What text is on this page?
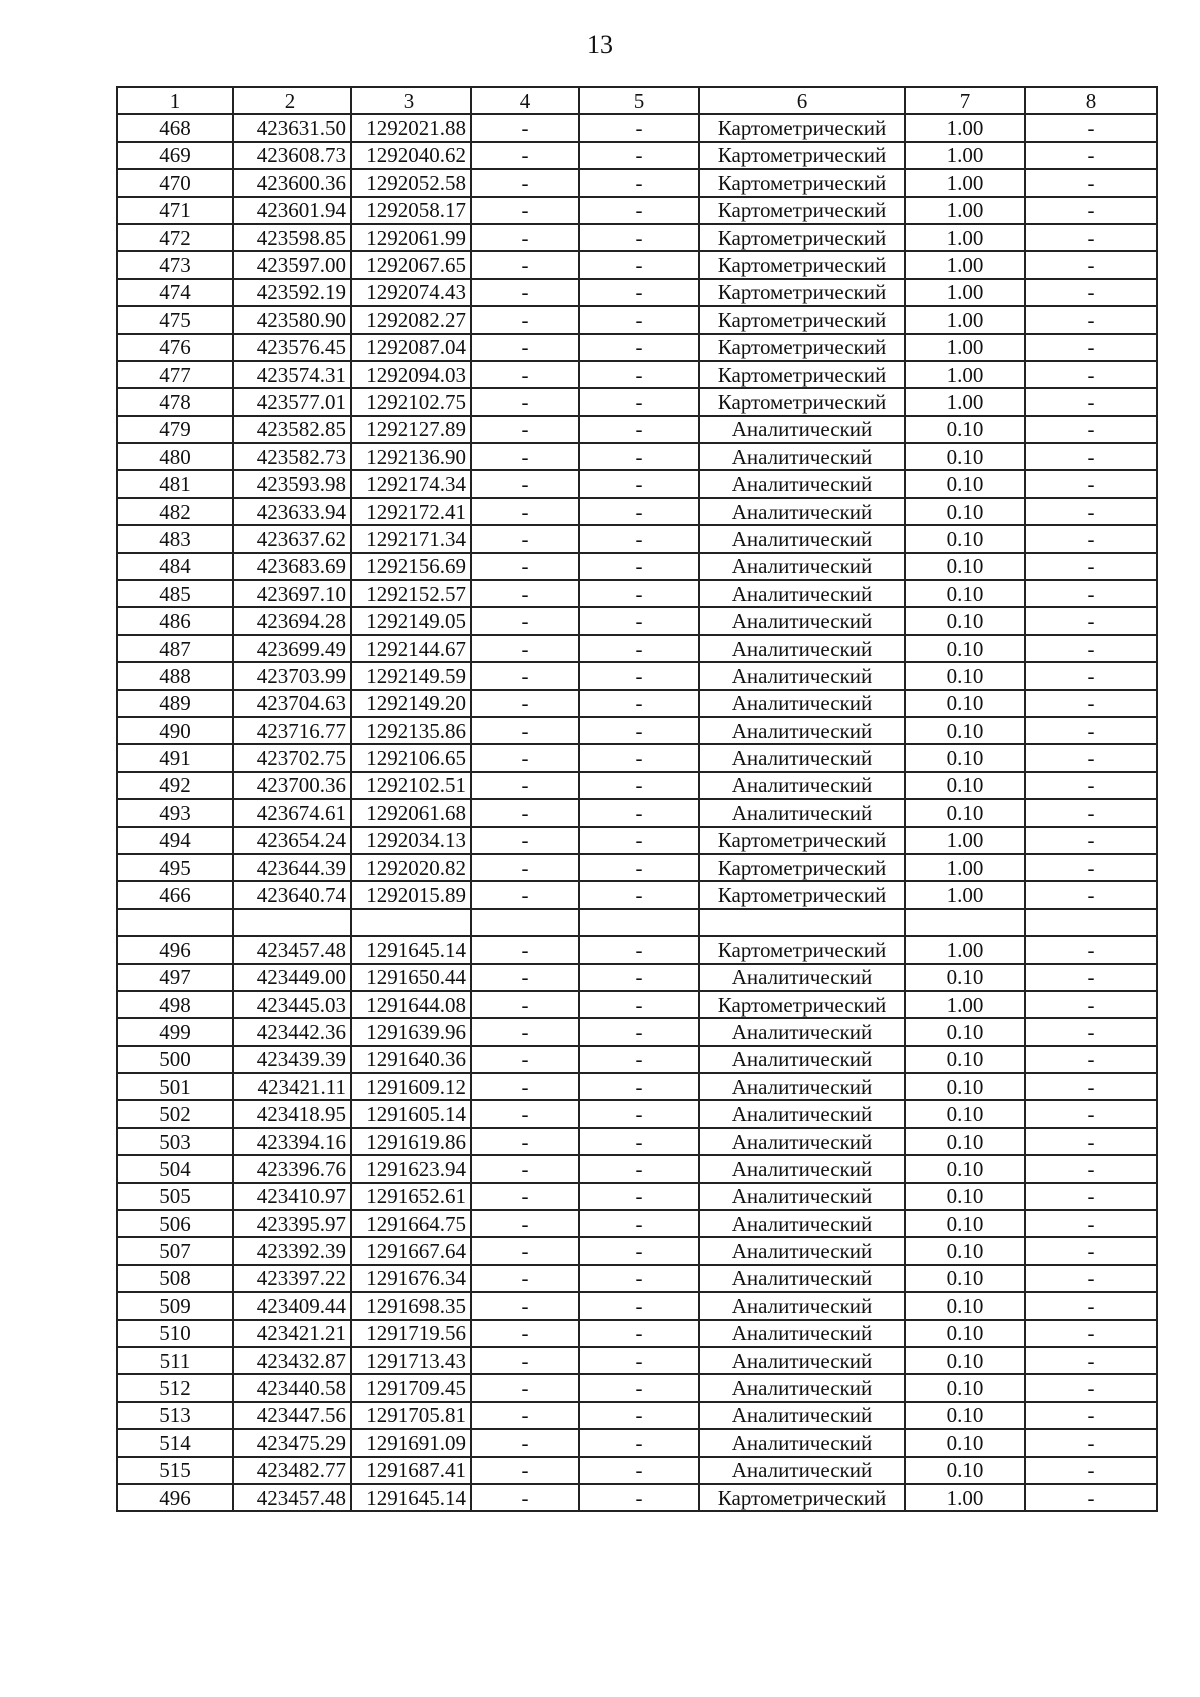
13
1	2	3	4	5	6	7	8
468	423631.50	1292021.88	-	-	Картометрический	1.00	-
469	423608.73	1292040.62	-	-	Картометрический	1.00	-
470	423600.36	1292052.58	-	-	Картометрический	1.00	-
471	423601.94	1292058.17	-	-	Картометрический	1.00	-
472	423598.85	1292061.99	-	-	Картометрический	1.00	-
473	423597.00	1292067.65	-	-	Картометрический	1.00	-
474	423592.19	1292074.43	-	-	Картометрический	1.00	-
475	423580.90	1292082.27	-	-	Картометрический	1.00	-
476	423576.45	1292087.04	-	-	Картометрический	1.00	-
477	423574.31	1292094.03	-	-	Картометрический	1.00	-
478	423577.01	1292102.75	-	-	Картометрический	1.00	-
479	423582.85	1292127.89	-	-	Аналитический	0.10	-
480	423582.73	1292136.90	-	-	Аналитический	0.10	-
481	423593.98	1292174.34	-	-	Аналитический	0.10	-
482	423633.94	1292172.41	-	-	Аналитический	0.10	-
483	423637.62	1292171.34	-	-	Аналитический	0.10	-
484	423683.69	1292156.69	-	-	Аналитический	0.10	-
485	423697.10	1292152.57	-	-	Аналитический	0.10	-
486	423694.28	1292149.05	-	-	Аналитический	0.10	-
487	423699.49	1292144.67	-	-	Аналитический	0.10	-
488	423703.99	1292149.59	-	-	Аналитический	0.10	-
489	423704.63	1292149.20	-	-	Аналитический	0.10	-
490	423716.77	1292135.86	-	-	Аналитический	0.10	-
491	423702.75	1292106.65	-	-	Аналитический	0.10	-
492	423700.36	1292102.51	-	-	Аналитический	0.10	-
493	423674.61	1292061.68	-	-	Аналитический	0.10	-
494	423654.24	1292034.13	-	-	Картометрический	1.00	-
495	423644.39	1292020.82	-	-	Картометрический	1.00	-
466	423640.74	1292015.89	-	-	Картометрический	1.00	-

496	423457.48	1291645.14	-	-	Картометрический	1.00	-
497	423449.00	1291650.44	-	-	Аналитический	0.10	-
498	423445.03	1291644.08	-	-	Картометрический	1.00	-
499	423442.36	1291639.96	-	-	Аналитический	0.10	-
500	423439.39	1291640.36	-	-	Аналитический	0.10	-
501	423421.11	1291609.12	-	-	Аналитический	0.10	-
502	423418.95	1291605.14	-	-	Аналитический	0.10	-
503	423394.16	1291619.86	-	-	Аналитический	0.10	-
504	423396.76	1291623.94	-	-	Аналитический	0.10	-
505	423410.97	1291652.61	-	-	Аналитический	0.10	-
506	423395.97	1291664.75	-	-	Аналитический	0.10	-
507	423392.39	1291667.64	-	-	Аналитический	0.10	-
508	423397.22	1291676.34	-	-	Аналитический	0.10	-
509	423409.44	1291698.35	-	-	Аналитический	0.10	-
510	423421.21	1291719.56	-	-	Аналитический	0.10	-
511	423432.87	1291713.43	-	-	Аналитический	0.10	-
512	423440.58	1291709.45	-	-	Аналитический	0.10	-
513	423447.56	1291705.81	-	-	Аналитический	0.10	-
514	423475.29	1291691.09	-	-	Аналитический	0.10	-
515	423482.77	1291687.41	-	-	Аналитический	0.10	-
496	423457.48	1291645.14	-	-	Картометрический	1.00	-
